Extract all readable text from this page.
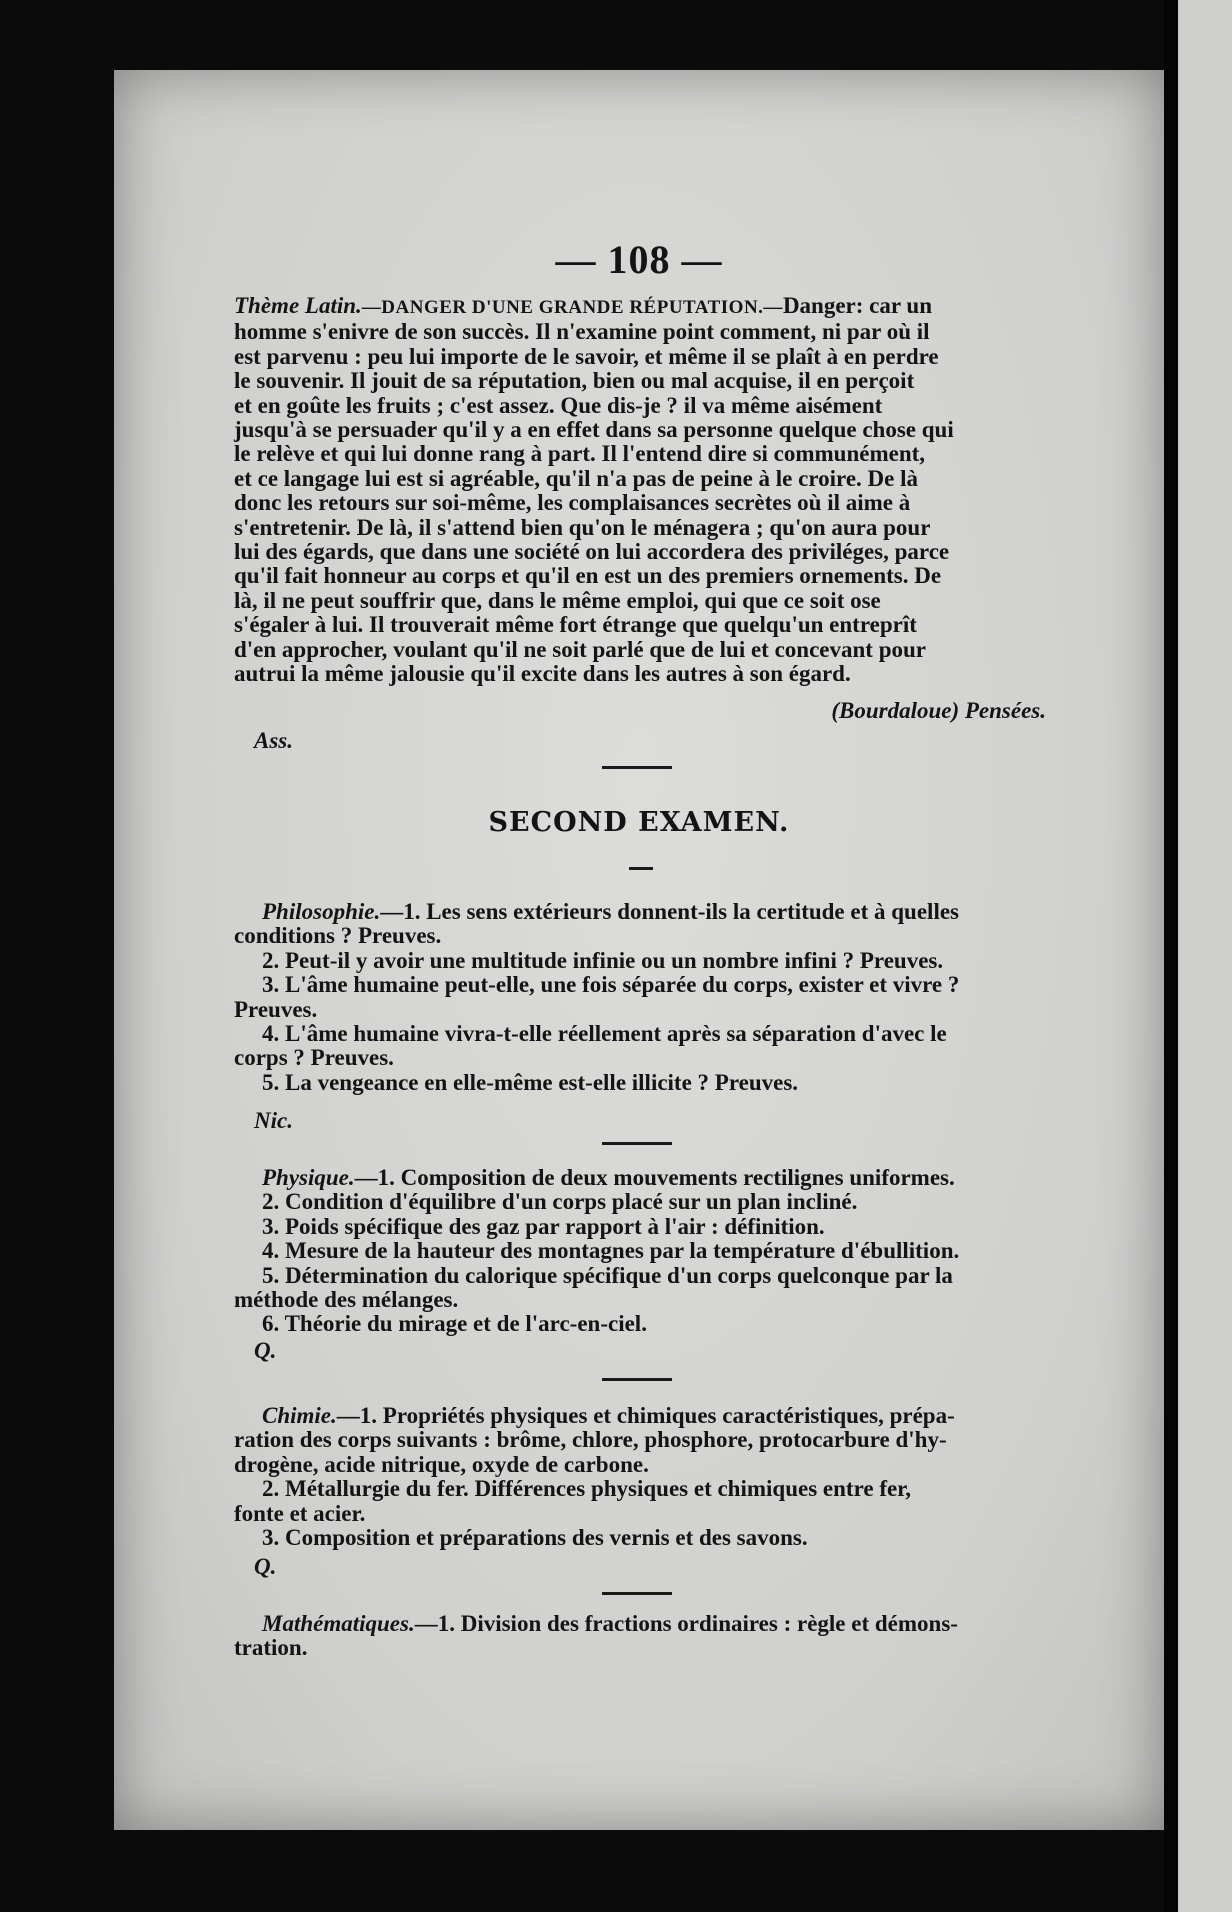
— 108 —
Thème Latin.—DANGER D'UNE GRANDE RÉPUTATION.—Danger: car un
homme s'enivre de son succès. Il n'examine point comment, ni par où il
est parvenu : peu lui importe de le savoir, et même il se plaît à en perdre
le souvenir. Il jouit de sa réputation, bien ou mal acquise, il en perçoit
et en goûte les fruits ; c'est assez. Que dis-je ? il va même aisément
jusqu'à se persuader qu'il y a en effet dans sa personne quelque chose qui
le relève et qui lui donne rang à part. Il l'entend dire si communément,
et ce langage lui est si agréable, qu'il n'a pas de peine à le croire. De là
donc les retours sur soi-même, les complaisances secrètes où il aime à
s'entretenir. De là, il s'attend bien qu'on le ménagera ; qu'on aura pour
lui des égards, que dans une société on lui accordera des priviléges, parce
qu'il fait honneur au corps et qu'il en est un des premiers ornements. De
là, il ne peut souffrir que, dans le même emploi, qui que ce soit ose
s'égaler à lui. Il trouverait même fort étrange que quelqu'un entreprît
d'en approcher, voulant qu'il ne soit parlé que de lui et concevant pour
autrui la même jalousie qu'il excite dans les autres à son égard.
(Bourdaloue) Pensées.
Ass.
SECOND EXAMEN.
Philosophie.—1. Les sens extérieurs donnent-ils la certitude et à quelles
conditions ? Preuves.
2. Peut-il y avoir une multitude infinie ou un nombre infini ? Preuves.
3. L'âme humaine peut-elle, une fois séparée du corps, exister et vivre ?
Preuves.
4. L'âme humaine vivra-t-elle réellement après sa séparation d'avec le
corps ? Preuves.
5. La vengeance en elle-même est-elle illicite ? Preuves.
Nic.
Physique.—1. Composition de deux mouvements rectilignes uniformes.
2. Condition d'équilibre d'un corps placé sur un plan incliné.
3. Poids spécifique des gaz par rapport à l'air : définition.
4. Mesure de la hauteur des montagnes par la température d'ébullition.
5. Détermination du calorique spécifique d'un corps quelconque par la
méthode des mélanges.
6. Théorie du mirage et de l'arc-en-ciel.
Q.
Chimie.—1. Propriétés physiques et chimiques caractéristiques, prépa-
ration des corps suivants : brôme, chlore, phosphore, protocarbure d'hy-
drogène, acide nitrique, oxyde de carbone.
2. Métallurgie du fer. Différences physiques et chimiques entre fer,
fonte et acier.
3. Composition et préparations des vernis et des savons.
Q.
Mathématiques.—1. Division des fractions ordinaires : règle et démons-
tration.
